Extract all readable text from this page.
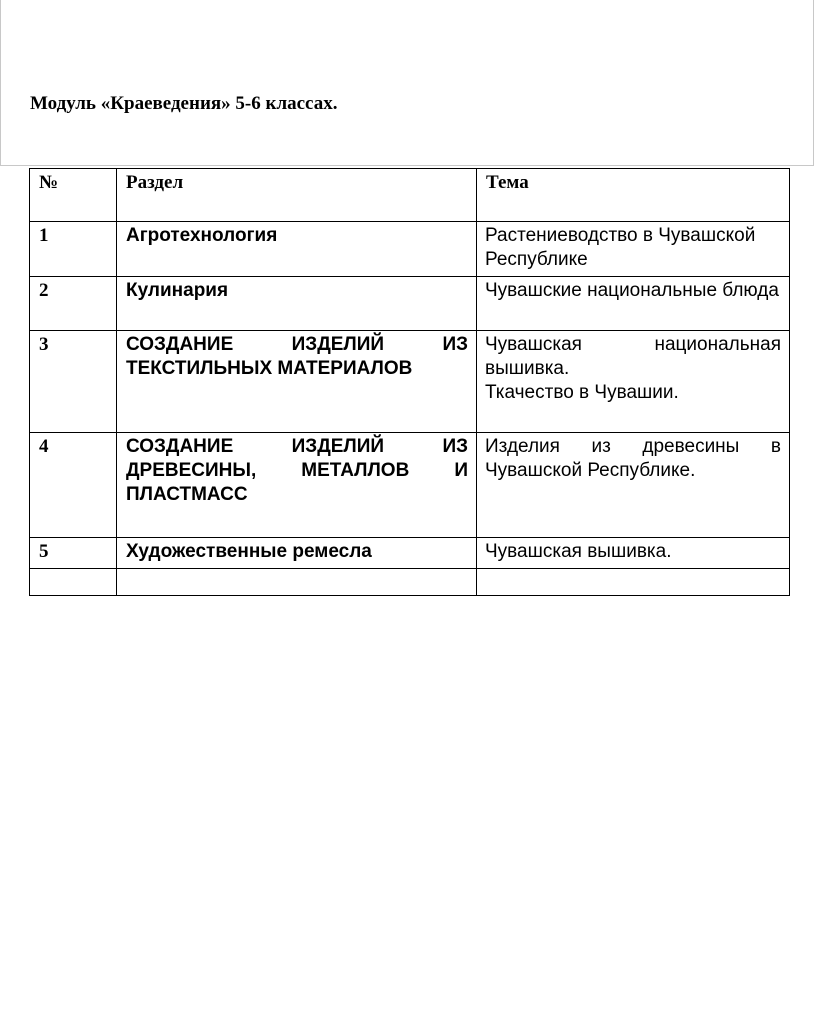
Модуль «Краеведения» 5-6 классах.
№	Раздел	Тема
1	Агротехнология	Растениеводство в Чувашской Республике

2	Кулинария	Чувашские национальные блюда

3	СОЗДАНИЕ ИЗДЕЛИЙ ИЗ ТЕКСТИЛЬНЫХ МАТЕРИАЛОВ	Чувашская национальная вышивка.
Ткачество в Чувашии.

4	СОЗДАНИЕ ИЗДЕЛИЙ ИЗ ДРЕВЕСИНЫ, МЕТАЛЛОВ И ПЛАСТМАСС	Изделия из древесины в Чувашской Республике.

5	Художественные ремесла	Чувашская вышивка.
